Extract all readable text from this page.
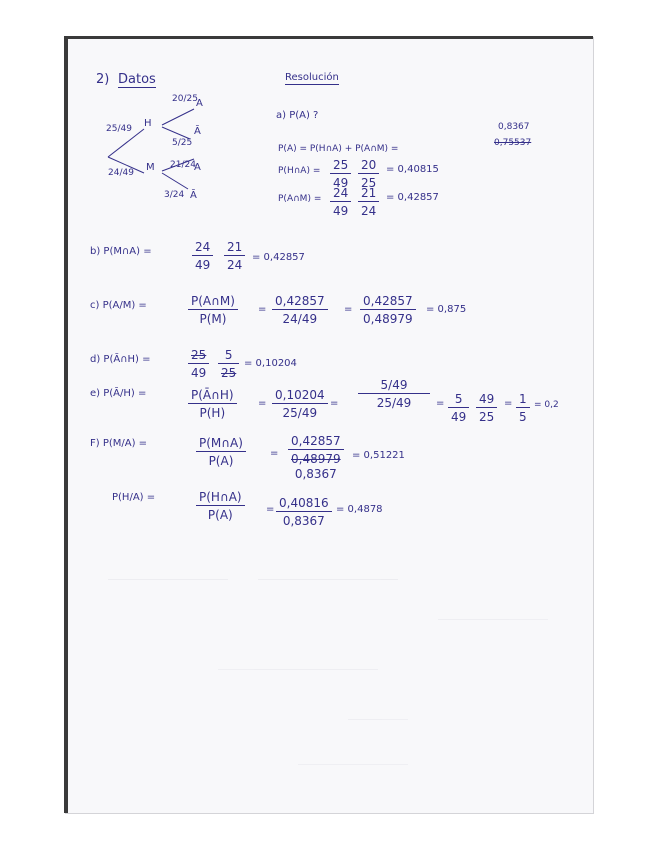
2) Datos	Resolución
25/49 H
24/49 M
20/25
A
5/25
Ā
21/24
A
3/24 Ā
a) P(A) ?
P(A) = P(H∩A) + P(A∩M) =
0,8367
0,75537
P(H∩A) = 25
49
20
25
= 0,40815
P(A∩M) = 24
49
21
24
= 0,42857
b) P(M∩A) =	24
49
21
24
= 0,42857
c) P(A/M) =	P(A∩M)
P(M)
=
0,42857
24/49
=
0,42857
0,48979
= 0,875
d) P(Ā∩H) =	25
49
5
25
= 0,10204
e) P(Ā/H) =	P(Ā∩H)
P(H)
=
0,10204
25/49
=
5/49
25/49	= 5
49
49
25
= 1
5
= 0,2
F) P(M/A) =	P(M∩A)
P(A)
=
0,42857
0,48979
0,8367
= 0,51221
P(H/A) =	P(H∩A)
P(A)	= 0,40816
0,8367
= 0,4878
